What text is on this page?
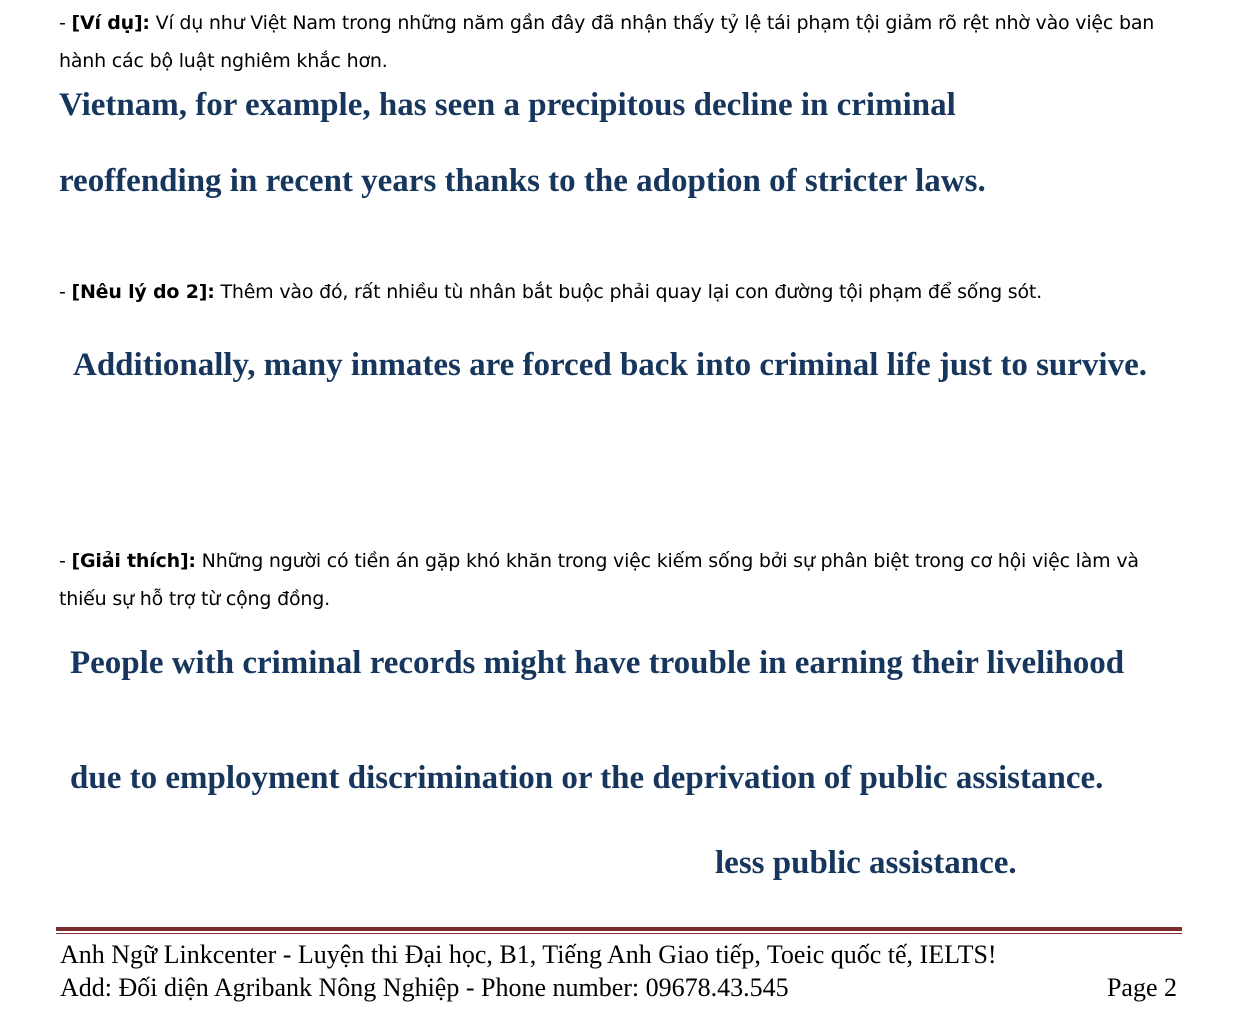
- [Ví dụ]: Ví dụ như Việt Nam trong những năm gần đây đã nhận thấy tỷ lệ tái phạm tội giảm rõ rệt nhờ vào việc ban hành các bộ luật nghiêm khắc hơn.
Vietnam, for example, has seen a precipitous decline in criminal
reoffending in recent years thanks to the adoption of stricter laws.
- [Nêu lý do 2]: Thêm vào đó, rất nhiều tù nhân bắt buộc phải quay lại con đường tội phạm để sống sót.
Additionally, many inmates are forced back into criminal life just to survive.
- [Giải thích]: Những người có tiền án gặp khó khăn trong việc kiếm sống bởi sự phân biệt trong cơ hội việc làm và thiếu sự hỗ trợ từ cộng đồng.
People with criminal records might have trouble in earning their livelihood
due to employment discrimination or the deprivation of public assistance.
less public assistance.
Anh Ngữ Linkcenter - Luyện thi Đại học, B1, Tiếng Anh Giao tiếp, Toeic quốc tế, IELTS!
Add: Đối diện Agribank Nông Nghiệp - Phone number: 09678.43.545	Page 2
